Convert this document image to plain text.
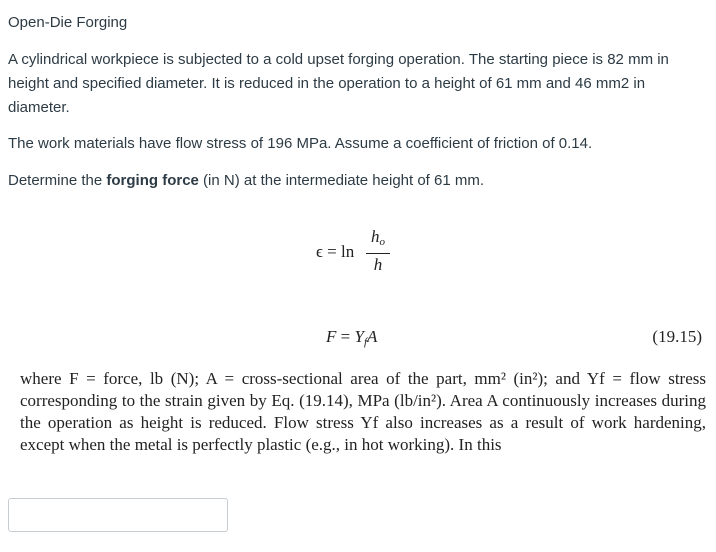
Open-Die Forging
A cylindrical workpiece is subjected to a cold upset forging operation. The starting piece is 82 mm in height and specified diameter. It is reduced in the operation to a height of 61 mm and 46 mm2 in diameter.
The work materials have flow stress of 196 MPa. Assume a coefficient of friction of 0.14.
Determine the forging force (in N) at the intermediate height of 61 mm.
ϵ = ln
$h_o$
h
$F = Y_fA$	(19.15)
where F = force, lb (N); A = cross-sectional area of the part, mm² (in²); and Yf = flow stress corresponding to the strain given by Eq. (19.14), MPa (lb/in²). Area A continuously increases during the operation as height is reduced. Flow stress Yf also increases as a result of work hardening, except when the metal is perfectly plastic (e.g., in hot working). In this
